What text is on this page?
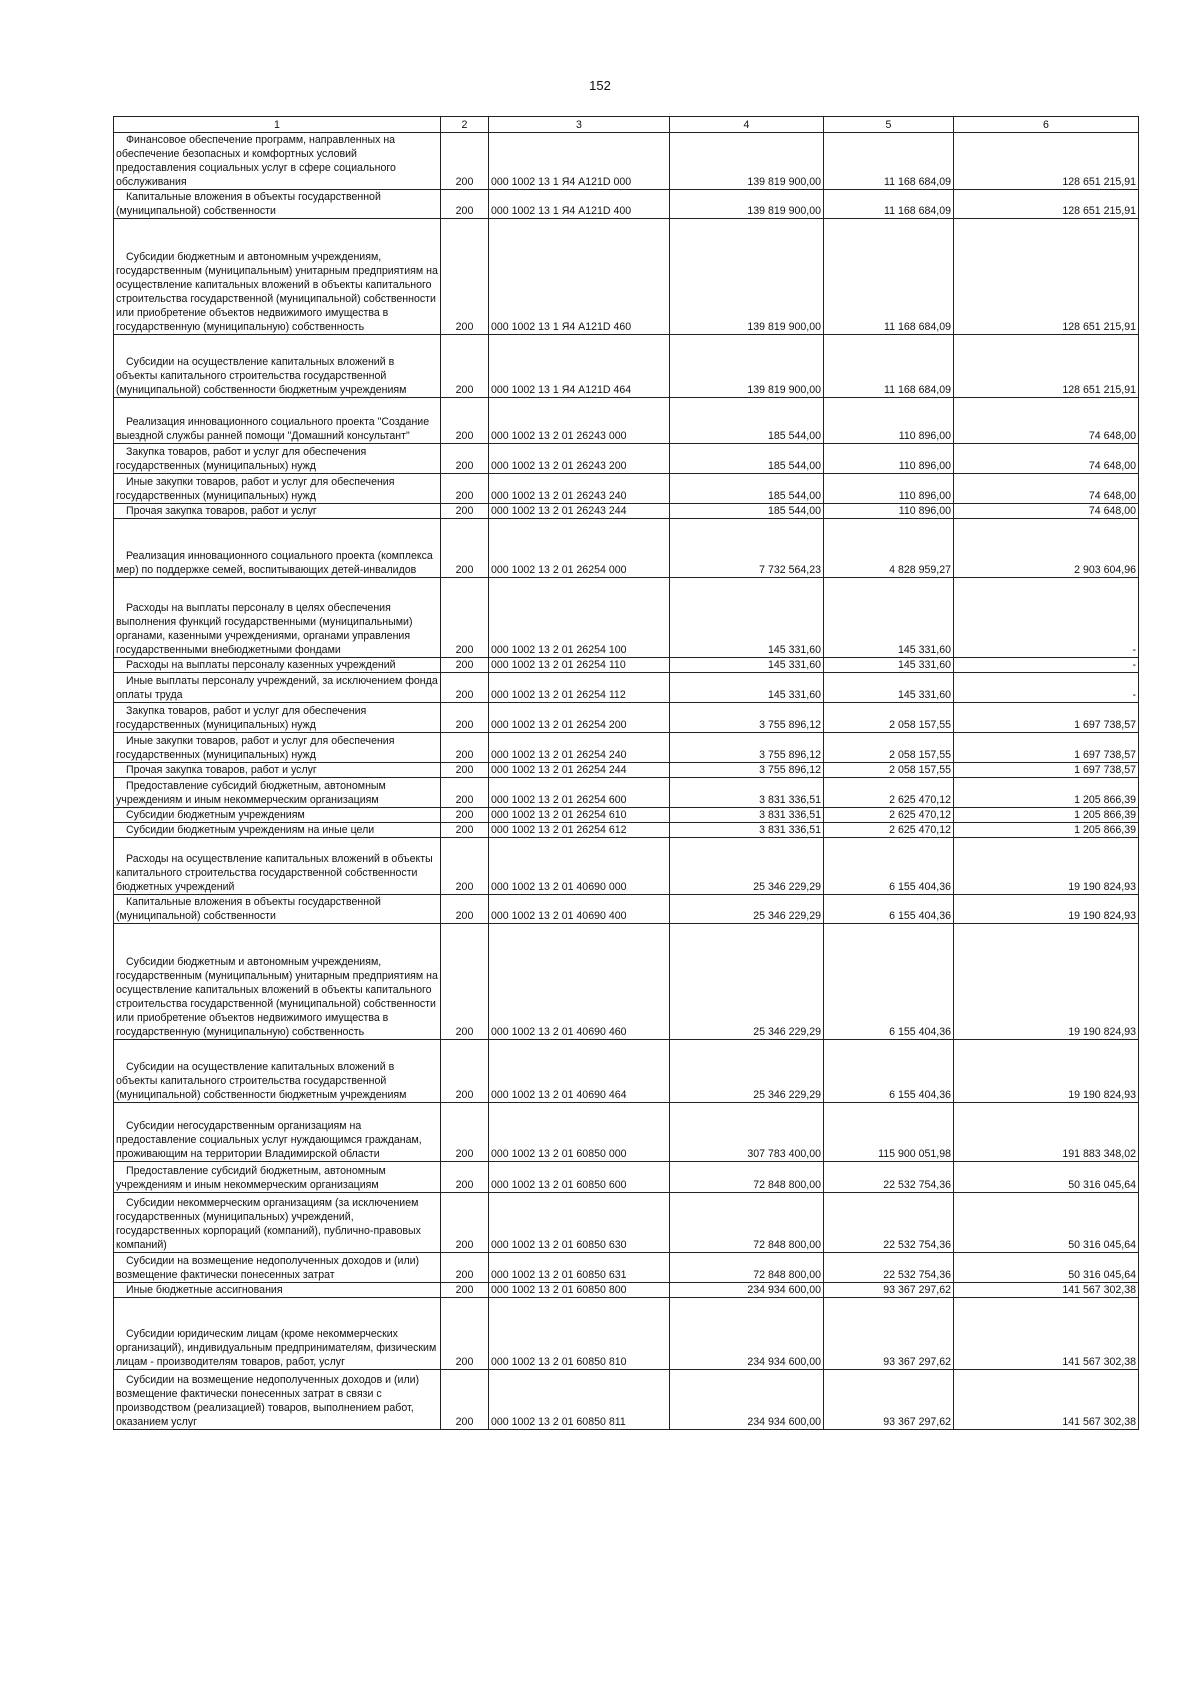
152
1	2	3	4	5	6

Финансовое обеспечение программ, направленных на обеспечение безопасных и комфортных условий предоставления социальных услуг в сфере социального обслуживания	200	000 1002 13 1 Я4 A121D 000	139 819 900,00	11 168 684,09	128 651 215,91

Капитальные вложения в объекты государственной (муниципальной) собственности	200	000 1002 13 1 Я4 A121D 400	139 819 900,00	11 168 684,09	128 651 215,91

Субсидии бюджетным и автономным учреждениям, государственным (муниципальным) унитарным предприятиям на осуществление капитальных вложений в объекты капитального строительства государственной (муниципальной) собственности или приобретение объектов недвижимого имущества в государственную (муниципальную) собственность	200	000 1002 13 1 Я4 A121D 460	139 819 900,00	11 168 684,09	128 651 215,91

Субсидии на осуществление капитальных вложений в объекты капитального строительства государственной (муниципальной) собственности бюджетным учреждениям	200	000 1002 13 1 Я4 A121D 464	139 819 900,00	11 168 684,09	128 651 215,91

Реализация инновационного социального проекта "Создание выездной службы ранней помощи "Домашний консультант"	200	000 1002 13 2 01 26243 000	185 544,00	110 896,00	74 648,00

Закупка товаров, работ и услуг для обеспечения государственных (муниципальных) нужд	200	000 1002 13 2 01 26243 200	185 544,00	110 896,00	74 648,00

Иные закупки товаров, работ и услуг для обеспечения государственных (муниципальных) нужд	200	000 1002 13 2 01 26243 240	185 544,00	110 896,00	74 648,00

Прочая закупка товаров, работ и услуг	200	000 1002 13 2 01 26243 244	185 544,00	110 896,00	74 648,00

Реализация инновационного социального проекта (комплекса мер) по поддержке семей, воспитывающих детей-инвалидов	200	000 1002 13 2 01 26254 000	7 732 564,23	4 828 959,27	2 903 604,96

Расходы на выплаты персоналу в целях обеспечения выполнения функций государственными (муниципальными) органами, казенными учреждениями, органами управления государственными внебюджетными фондами	200	000 1002 13 2 01 26254 100	145 331,60	145 331,60	-

Расходы на выплаты персоналу казенных учреждений	200	000 1002 13 2 01 26254 110	145 331,60	145 331,60	-

Иные выплаты персоналу учреждений, за исключением фонда оплаты труда	200	000 1002 13 2 01 26254 112	145 331,60	145 331,60	-

Закупка товаров, работ и услуг для обеспечения государственных (муниципальных) нужд	200	000 1002 13 2 01 26254 200	3 755 896,12	2 058 157,55	1 697 738,57

Иные закупки товаров, работ и услуг для обеспечения государственных (муниципальных) нужд	200	000 1002 13 2 01 26254 240	3 755 896,12	2 058 157,55	1 697 738,57

Прочая закупка товаров, работ и услуг	200	000 1002 13 2 01 26254 244	3 755 896,12	2 058 157,55	1 697 738,57

Предоставление субсидий бюджетным, автономным учреждениям и иным некоммерческим организациям	200	000 1002 13 2 01 26254 600	3 831 336,51	2 625 470,12	1 205 866,39

Субсидии бюджетным учреждениям	200	000 1002 13 2 01 26254 610	3 831 336,51	2 625 470,12	1 205 866,39

Субсидии бюджетным учреждениям на иные цели	200	000 1002 13 2 01 26254 612	3 831 336,51	2 625 470,12	1 205 866,39

Расходы на осуществление капитальных вложений в объекты капитального строительства государственной собственности бюджетных учреждений	200	000 1002 13 2 01 40690 000	25 346 229,29	6 155 404,36	19 190 824,93

Капитальные вложения в объекты государственной (муниципальной) собственности	200	000 1002 13 2 01 40690 400	25 346 229,29	6 155 404,36	19 190 824,93

Субсидии бюджетным и автономным учреждениям, государственным (муниципальным) унитарным предприятиям на осуществление капитальных вложений в объекты капитального строительства государственной (муниципальной) собственности или приобретение объектов недвижимого имущества в государственную (муниципальную) собственность	200	000 1002 13 2 01 40690 460	25 346 229,29	6 155 404,36	19 190 824,93

Субсидии на осуществление капитальных вложений в объекты капитального строительства государственной (муниципальной) собственности бюджетным учреждениям	200	000 1002 13 2 01 40690 464	25 346 229,29	6 155 404,36	19 190 824,93

Субсидии негосударственным организациям на предоставление социальных услуг нуждающимся гражданам, проживающим на территории Владимирской области	200	000 1002 13 2 01 60850 000	307 783 400,00	115 900 051,98	191 883 348,02

Предоставление субсидий бюджетным, автономным учреждениям и иным некоммерческим организациям	200	000 1002 13 2 01 60850 600	72 848 800,00	22 532 754,36	50 316 045,64

Субсидии некоммерческим организациям (за исключением государственных (муниципальных) учреждений, государственных корпораций (компаний), публично-правовых компаний)	200	000 1002 13 2 01 60850 630	72 848 800,00	22 532 754,36	50 316 045,64

Субсидии на возмещение недополученных доходов и (или) возмещение фактически понесенных затрат	200	000 1002 13 2 01 60850 631	72 848 800,00	22 532 754,36	50 316 045,64

Иные бюджетные ассигнования	200	000 1002 13 2 01 60850 800	234 934 600,00	93 367 297,62	141 567 302,38

Субсидии юридическим лицам (кроме некоммерческих организаций), индивидуальным предпринимателям, физическим лицам - производителям товаров, работ, услуг	200	000 1002 13 2 01 60850 810	234 934 600,00	93 367 297,62	141 567 302,38

Субсидии на возмещение недополученных доходов и (или) возмещение фактически понесенных затрат в связи с производством (реализацией) товаров, выполнением работ, оказанием услуг	200	000 1002 13 2 01 60850 811	234 934 600,00	93 367 297,62	141 567 302,38
